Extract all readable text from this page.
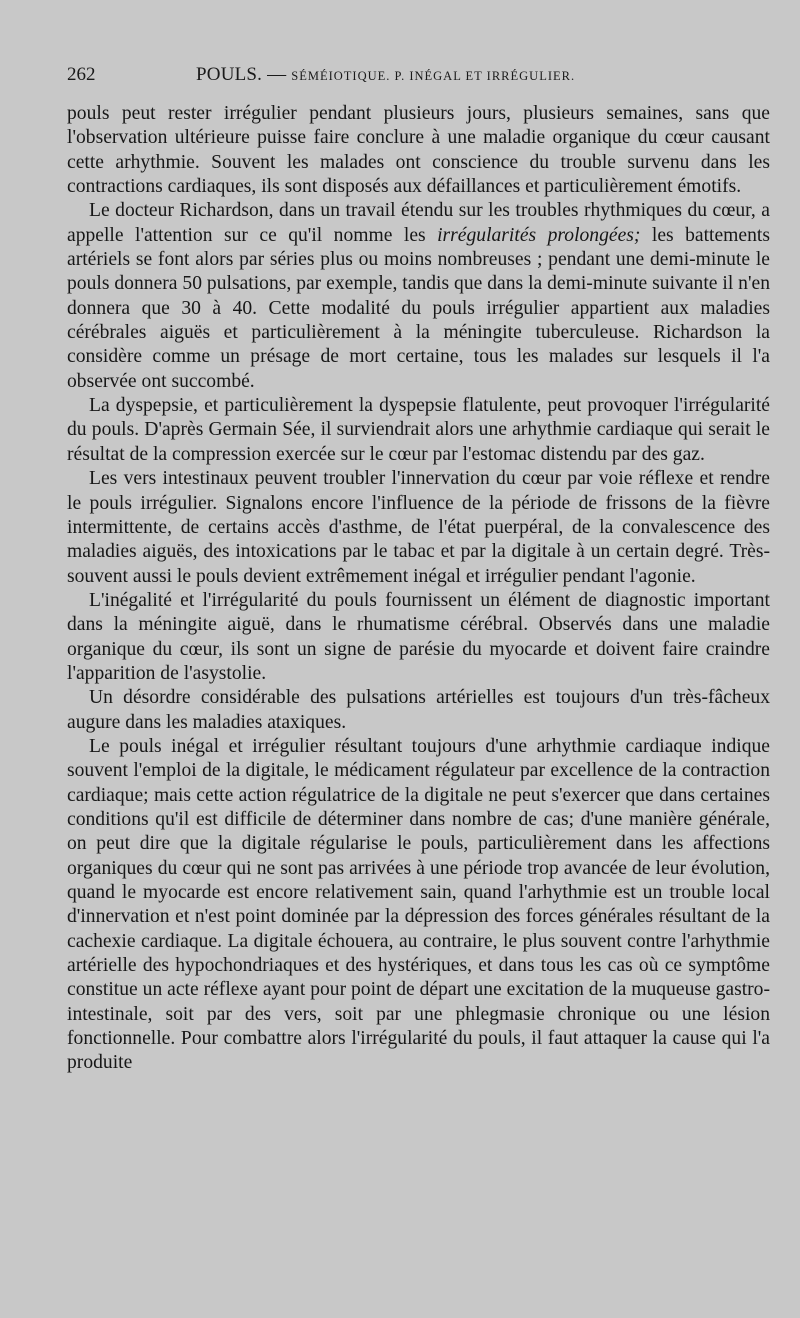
262	POULS. — SÉMÉIOTIQUE. P. INÉGAL ET IRRÉGULIER.

pouls peut rester irrégulier pendant plusieurs jours, plusieurs semaines, sans que l'observation ultérieure puisse faire conclure à une maladie organique du cœur causant cette arhythmie. Souvent les malades ont conscience du trouble survenu dans les contractions cardiaques, ils sont disposés aux défaillances et particulièrement émotifs.

Le docteur Richardson, dans un travail étendu sur les troubles rhythmiques du cœur, a appelle l'attention sur ce qu'il nomme les irrégularités prolongées; les battements artériels se font alors par séries plus ou moins nombreuses ; pendant une demi-minute le pouls donnera 50 pulsations, par exemple, tandis que dans la demi-minute suivante il n'en donnera que 30 à 40. Cette modalité du pouls irrégulier appartient aux maladies cérébrales aiguës et particulièrement à la méningite tuberculeuse. Richardson la considère comme un présage de mort certaine, tous les malades sur lesquels il l'a observée ont succombé.

La dyspepsie, et particulièrement la dyspepsie flatulente, peut provoquer l'irrégularité du pouls. D'après Germain Sée, il surviendrait alors une arhythmie cardiaque qui serait le résultat de la compression exercée sur le cœur par l'estomac distendu par des gaz.

Les vers intestinaux peuvent troubler l'innervation du cœur par voie réflexe et rendre le pouls irrégulier. Signalons encore l'influence de la période de frissons de la fièvre intermittente, de certains accès d'asthme, de l'état puerpéral, de la convalescence des maladies aiguës, des intoxications par le tabac et par la digitale à un certain degré. Très-souvent aussi le pouls devient extrêmement inégal et irrégulier pendant l'agonie.

L'inégalité et l'irrégularité du pouls fournissent un élément de diagnostic important dans la méningite aiguë, dans le rhumatisme cérébral. Observés dans une maladie organique du cœur, ils sont un signe de parésie du myocarde et doivent faire craindre l'apparition de l'asystolie.

Un désordre considérable des pulsations artérielles est toujours d'un très-fâcheux augure dans les maladies ataxiques.

Le pouls inégal et irrégulier résultant toujours d'une arhythmie cardiaque indique souvent l'emploi de la digitale, le médicament régulateur par excellence de la contraction cardiaque; mais cette action régulatrice de la digitale ne peut s'exercer que dans certaines conditions qu'il est difficile de déterminer dans nombre de cas; d'une manière générale, on peut dire que la digitale régularise le pouls, particulièrement dans les affections organiques du cœur qui ne sont pas arrivées à une période trop avancée de leur évolution, quand le myocarde est encore relativement sain, quand l'arhythmie est un trouble local d'innervation et n'est point dominée par la dépression des forces générales résultant de la cachexie cardiaque. La digitale échouera, au contraire, le plus souvent contre l'arhythmie artérielle des hypochondriaques et des hystériques, et dans tous les cas où ce symptôme constitue un acte réflexe ayant pour point de départ une excitation de la muqueuse gastro-intestinale, soit par des vers, soit par une phlegmasie chronique ou une lésion fonctionnelle. Pour combattre alors l'irrégularité du pouls, il faut attaquer la cause qui l'a produite
